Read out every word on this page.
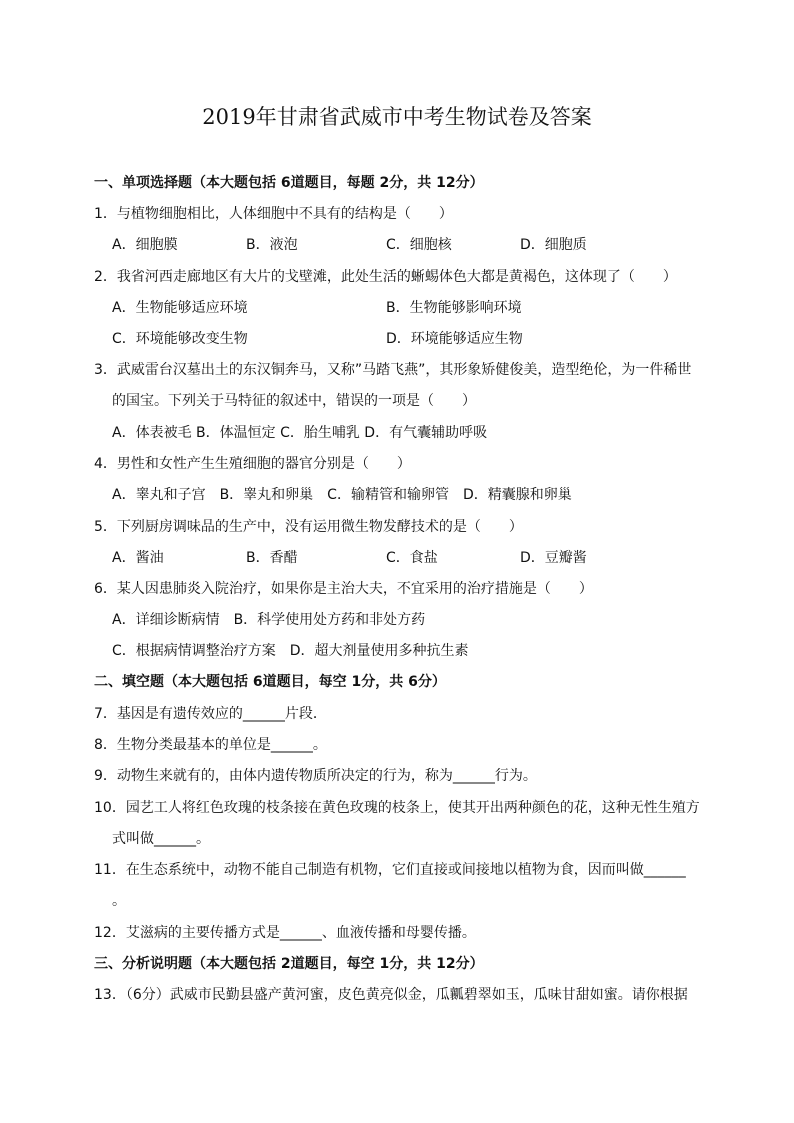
2019年甘肃省武威市中考生物试卷及答案
一、单项选择题（本大题包括 6道题目，每题 2分，共 12分）
1．与植物细胞相比，人体细胞中不具有的结构是（　　）
A．细胞膜	B．液泡	C．细胞核	D．细胞质
2．我省河西走廊地区有大片的戈壁滩，此处生活的蜥蜴体色大都是黄褐色，这体现了（　　）
A．生物能够适应环境	B．生物能够影响环境
C．环境能够改变生物	D．环境能够适应生物
3．武威雷台汉墓出土的东汉铜奔马，又称”马踏飞燕”，其形象矫健俊美，造型绝伦，为一件稀世
的国宝。下列关于马特征的叙述中，错误的一项是（　　）
A．体表被毛 B．体温恒定 C．胎生哺乳 D．有气囊辅助呼吸
4．男性和女性产生生殖细胞的器官分别是（　　）
A．睾丸和子宫　B．睾丸和卵巢　C．输精管和输卵管　D．精囊腺和卵巢
5．下列厨房调味品的生产中，没有运用微生物发酵技术的是（　　）
A．酱油	B．香醋	C．食盐	D．豆瓣酱
6．某人因患肺炎入院治疗，如果你是主治大夫，不宜采用的治疗措施是（　　）
A．详细诊断病情　B．科学使用处方药和非处方药
C．根据病情调整治疗方案　D．超大剂量使用多种抗生素
二、填空题（本大题包括 6道题目，每空 1分，共 6分）
7．基因是有遗传效应的______片段．
8．生物分类最基本的单位是______。
9．动物生来就有的，由体内遗传物质所决定的行为，称为______行为。
10．园艺工人将红色玫瑰的枝条接在黄色玫瑰的枝条上，使其开出两种颜色的花，这种无性生殖方
式叫做______。
11．在生态系统中，动物不能自己制造有机物，它们直接或间接地以植物为食，因而叫做______
。
12．艾滋病的主要传播方式是______、血液传播和母婴传播。
三、分析说明题（本大题包括 2道题目，每空 1分，共 12分）
13．（6分）武威市民勤县盛产黄河蜜，皮色黄亮似金，瓜瓤碧翠如玉，瓜味甘甜如蜜。请你根据
